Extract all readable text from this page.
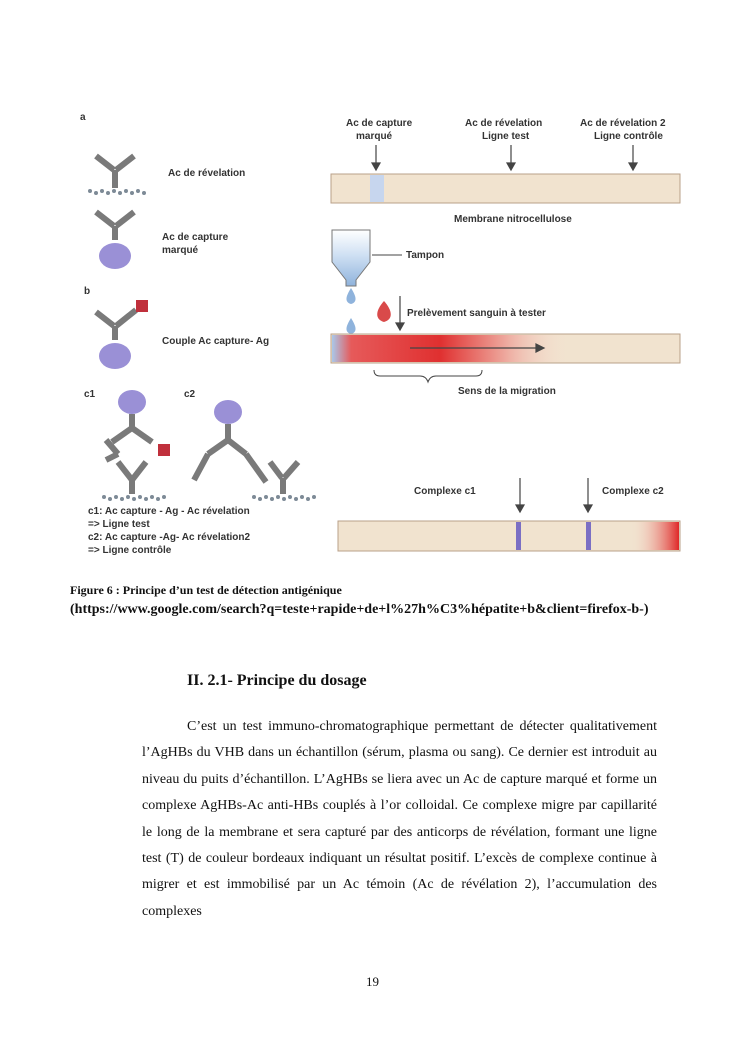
a
b
c1	c2
Ac de révelation
Ac de capture
marqué
Ac de capture
marqué
Ac de révelation
Ligne test
Ac de révelation 2
Ligne contrôle
Membrane nitrocellulose
Tampon
Prelèvement sanguin à tester
Couple Ac capture- Ag
Sens de la migration
c1: Ac capture - Ag - Ac révelation
=> Ligne test
c2: Ac capture -Ag- Ac révelation2
=> Ligne contrôle
Complexe c1	Complexe c2
Figure 6 : Principe d’un test de détection antigénique
(https://www.google.com/search?q=teste+rapide+de+l%27h%C3%hépatite+b&client=firefox-b-)
II. 2.1- Principe du dosage
C’est un test immuno-chromatographique permettant de détecter qualitativement l’AgHBs du VHB dans un échantillon (sérum, plasma ou sang). Ce dernier est introduit au niveau du puits d’échantillon. L’AgHBs se liera avec un Ac de capture marqué et forme un complexe AgHBs-Ac anti-HBs couplés à l’or colloidal. Ce complexe migre par capillarité le long de la membrane et sera capturé par des anticorps de révélation, formant une ligne test (T) de couleur bordeaux indiquant un résultat positif. L’excès de complexe continue à migrer et est immobilisé par un Ac témoin (Ac de révélation 2), l’accumulation des complexes
19
